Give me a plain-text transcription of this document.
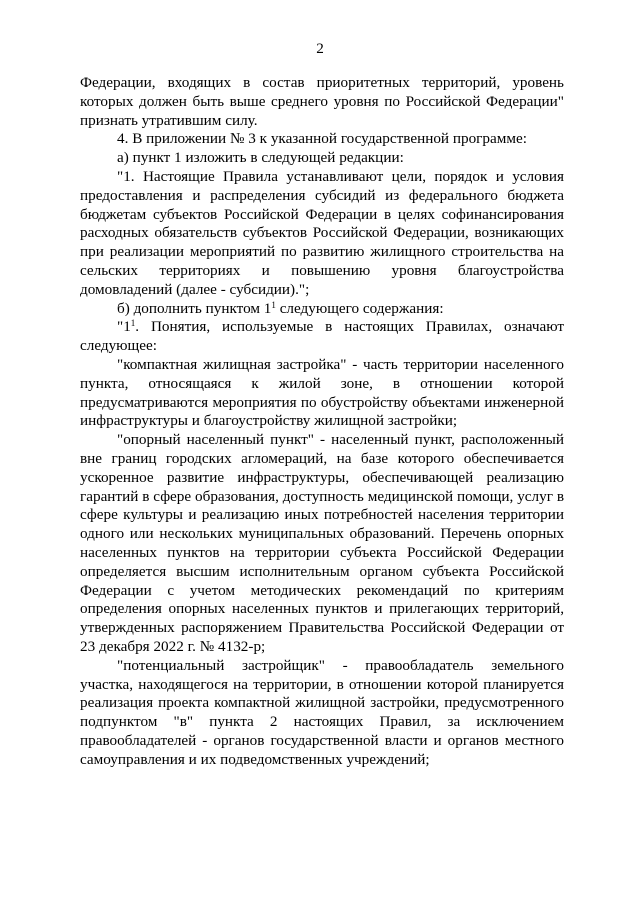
2

Федерации, входящих в состав приоритетных территорий, уровень которых должен быть выше среднего уровня по Российской Федерации" признать утратившим силу.

4. В приложении № 3 к указанной государственной программе:

а) пункт 1 изложить в следующей редакции:

"1. Настоящие Правила устанавливают цели, порядок и условия предоставления и распределения субсидий из федерального бюджета бюджетам субъектов Российской Федерации в целях софинансирования расходных обязательств субъектов Российской Федерации, возникающих при реализации мероприятий по развитию жилищного строительства на сельских территориях и повышению уровня благоустройства домовладений (далее - субсидии).";

б) дополнить пунктом $1^1$ следующего содержания:

"$1^1$. Понятия, используемые в настоящих Правилах, означают следующее:

"компактная жилищная застройка" - часть территории населенного пункта, относящаяся к жилой зоне, в отношении которой предусматриваются мероприятия по обустройству объектами инженерной инфраструктуры и благоустройству жилищной застройки;

"опорный населенный пункт" - населенный пункт, расположенный вне границ городских агломераций, на базе которого обеспечивается ускоренное развитие инфраструктуры, обеспечивающей реализацию гарантий в сфере образования, доступность медицинской помощи, услуг в сфере культуры и реализацию иных потребностей населения территории одного или нескольких муниципальных образований. Перечень опорных населенных пунктов на территории субъекта Российской Федерации определяется высшим исполнительным органом субъекта Российской Федерации с учетом методических рекомендаций по критериям определения опорных населенных пунктов и прилегающих территорий, утвержденных распоряжением Правительства Российской Федерации от 23 декабря 2022 г. № 4132-р;

"потенциальный застройщик" - правообладатель земельного участка, находящегося на территории, в отношении которой планируется реализация проекта компактной жилищной застройки, предусмотренного подпунктом "в" пункта 2 настоящих Правил, за исключением правообладателей - органов государственной власти и органов местного самоуправления и их подведомственных учреждений;
